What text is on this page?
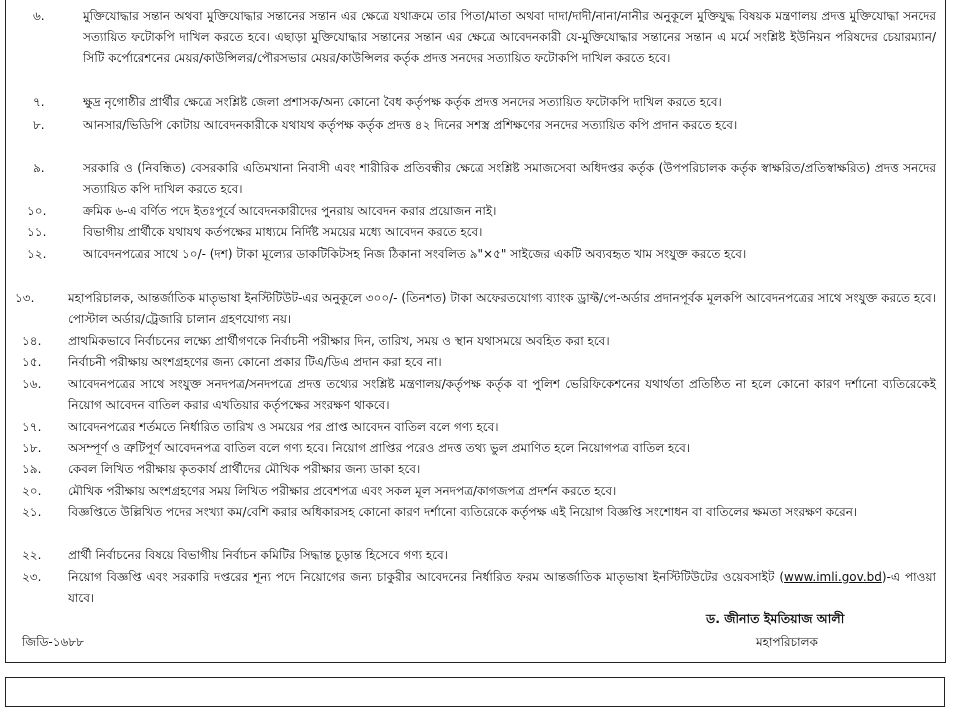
৬.	মুক্তিযোদ্ধার সন্তান অথবা মুক্তিযোদ্ধার সন্তানের সন্তান এর ক্ষেত্রে যথাক্রমে তার পিতা/মাতা অথবা দাদা/দাদী/নানা/নানীর অনুকূলে মুক্তিযুদ্ধ বিষয়ক মন্ত্রণালয় প্রদত্ত মুক্তিযোদ্ধা সনদের সত্যায়িত ফটোকপি দাখিল করতে হবে। এছাড়া মুক্তিযোদ্ধার সন্তানের সন্তান এর ক্ষেত্রে আবেদনকারী যে-মুক্তিযোদ্ধার সন্তানের সন্তান এ মর্মে সংশ্লিষ্ট ইউনিয়ন পরিষদের চেয়ারম্যান/সিটি কর্পোরেশনের মেয়র/কাউন্সিলর/পৌরসভার মেয়র/কাউন্সিলর কর্তৃক প্রদত্ত সনদের সত্যায়িত ফটোকপি দাখিল করতে হবে।
৭.	ক্ষুদ্র নৃগোষ্ঠীর প্রার্থীর ক্ষেত্রে সংশ্লিষ্ট জেলা প্রশাসক/অন্য কোনো বৈধ কর্তৃপক্ষ কর্তৃক প্রদত্ত সনদের সত্যায়িত ফটোকপি দাখিল করতে হবে।
৮.	আনসার/ভিডিপি কোটায় আবেদনকারীকে যথাযথ কর্তৃপক্ষ কর্তৃক প্রদত্ত ৪২ দিনের সশস্ত্র প্রশিক্ষণের সনদের সত্যায়িত কপি প্রদান করতে হবে।
৯.	সরকারি ও (নিবন্ধিত) বেসরকারি এতিমখানা নিবাসী এবং শারীরিক প্রতিবন্ধীর ক্ষেত্রে সংশ্লিষ্ট সমাজসেবা অধিদপ্তর কর্তৃক (উপপরিচালক কর্তৃক স্বাক্ষরিত/প্রতিস্বাক্ষরিত) প্রদত্ত সনদের সত্যায়িত কপি দাখিল করতে হবে।
১০.	ক্রমিক ৬-এ বর্ণিত পদে ইতঃপূর্বে আবেদনকারীদের পুনরায় আবেদন করার প্রয়োজন নাই।
১১.	বিভাগীয় প্রার্থীকে যথাযথ কর্তপক্ষের মাধ্যমে নির্দিষ্ট সময়ের মধ্যে আবেদন করতে হবে।
১২.	আবেদনপত্রের সাথে ১০/- (দশ) টাকা মূল্যের ডাকটিকিটসহ নিজ ঠিকানা সংবলিত ৯"×৫" সাইজের একটি অব্যবহৃত খাম সংযুক্ত করতে হবে।
১৩.	মহাপরিচালক, আন্তর্জাতিক মাতৃভাষা ইনস্টিটিউট-এর অনুকূলে ৩০০/- (তিনশত) টাকা অফেরতযোগ্য ব্যাংক ড্রাফ্ট/পে-অর্ডার প্রদানপূর্বক মূলকপি আবেদনপত্রের সাথে সংযুক্ত করতে হবে। পোস্টাল অর্ডার/ট্রেজারি চালান গ্রহণযোগ্য নয়।
১৪.	প্রাথমিকভাবে নির্বাচনের লক্ষ্যে প্রার্থীগণকে নির্বাচনী পরীক্ষার দিন, তারিখ, সময় ও স্থান যথাসময়ে অবহিত করা হবে।
১৫.	নির্বাচনী পরীক্ষায় অংশগ্রহণের জন্য কোনো প্রকার টিএ/ডিএ প্রদান করা হবে না।
১৬.	আবেদনপত্রের সাথে সংযুক্ত সনদপত্র/সনদপত্রে প্রদত্ত তথ্যের সংশ্লিষ্ট মন্ত্রণালয়/কর্তৃপক্ষ কর্তৃক বা পুলিশ ভেরিফিকেশনের যথার্থতা প্রতিষ্ঠিত না হলে কোনো কারণ দর্শানো ব্যতিরেকেই নিয়োগ আবেদন বাতিল করার এখতিয়ার কর্তৃপক্ষের সংরক্ষণ থাকবে।
১৭.	আবেদনপত্রের শর্তমতে নির্ধারিত তারিখ ও সময়ের পর প্রাপ্ত আবেদন বাতিল বলে গণ্য হবে।
১৮.	অসম্পূর্ণ ও ত্রুটিপূর্ণ আবেদনপত্র বাতিল বলে গণ্য হবে। নিয়োগ প্রাপ্তির পরেও প্রদত্ত তথ্য ভুল প্রমাণিত হলে নিয়োগপত্র বাতিল হবে।
১৯.	কেবল লিখিত পরীক্ষায় কৃতকার্য প্রার্থীদের মৌখিক পরীক্ষার জন্য ডাকা হবে।
২০.	মৌখিক পরীক্ষায় অংশগ্রহণের সময় লিখিত পরীক্ষার প্রবেশপত্র এবং সকল মূল সনদপত্র/কাগজপত্র প্রদর্শন করতে হবে।
২১.	বিজ্ঞপ্তিতে উল্লিখিত পদের সংখ্যা কম/বেশি করার অধিকারসহ কোনো কারণ দর্শানো ব্যতিরেকে কর্তৃপক্ষ এই নিয়োগ বিজ্ঞপ্তি সংশোধন বা বাতিলের ক্ষমতা সংরক্ষণ করেন।
২২.	প্রার্থী নির্বাচনের বিষয়ে বিভাগীয় নির্বাচন কমিটির সিদ্ধান্ত চূড়ান্ত হিসেবে গণ্য হবে।
২৩.	নিয়োগ বিজ্ঞপ্তি এবং সরকারি দপ্তরের শূন্য পদে নিয়োগের জন্য চাকুরীর আবেদনের নির্ধারিত ফরম আন্তর্জাতিক মাতৃভাষা ইনস্টিটিউটের ওয়েবসাইট (www.imli.gov.bd)-এ পাওয়া যাবে।
ড. জীনাত ইমতিয়াজ আলী
মহাপরিচালক
জিডি-১৬৮৮
